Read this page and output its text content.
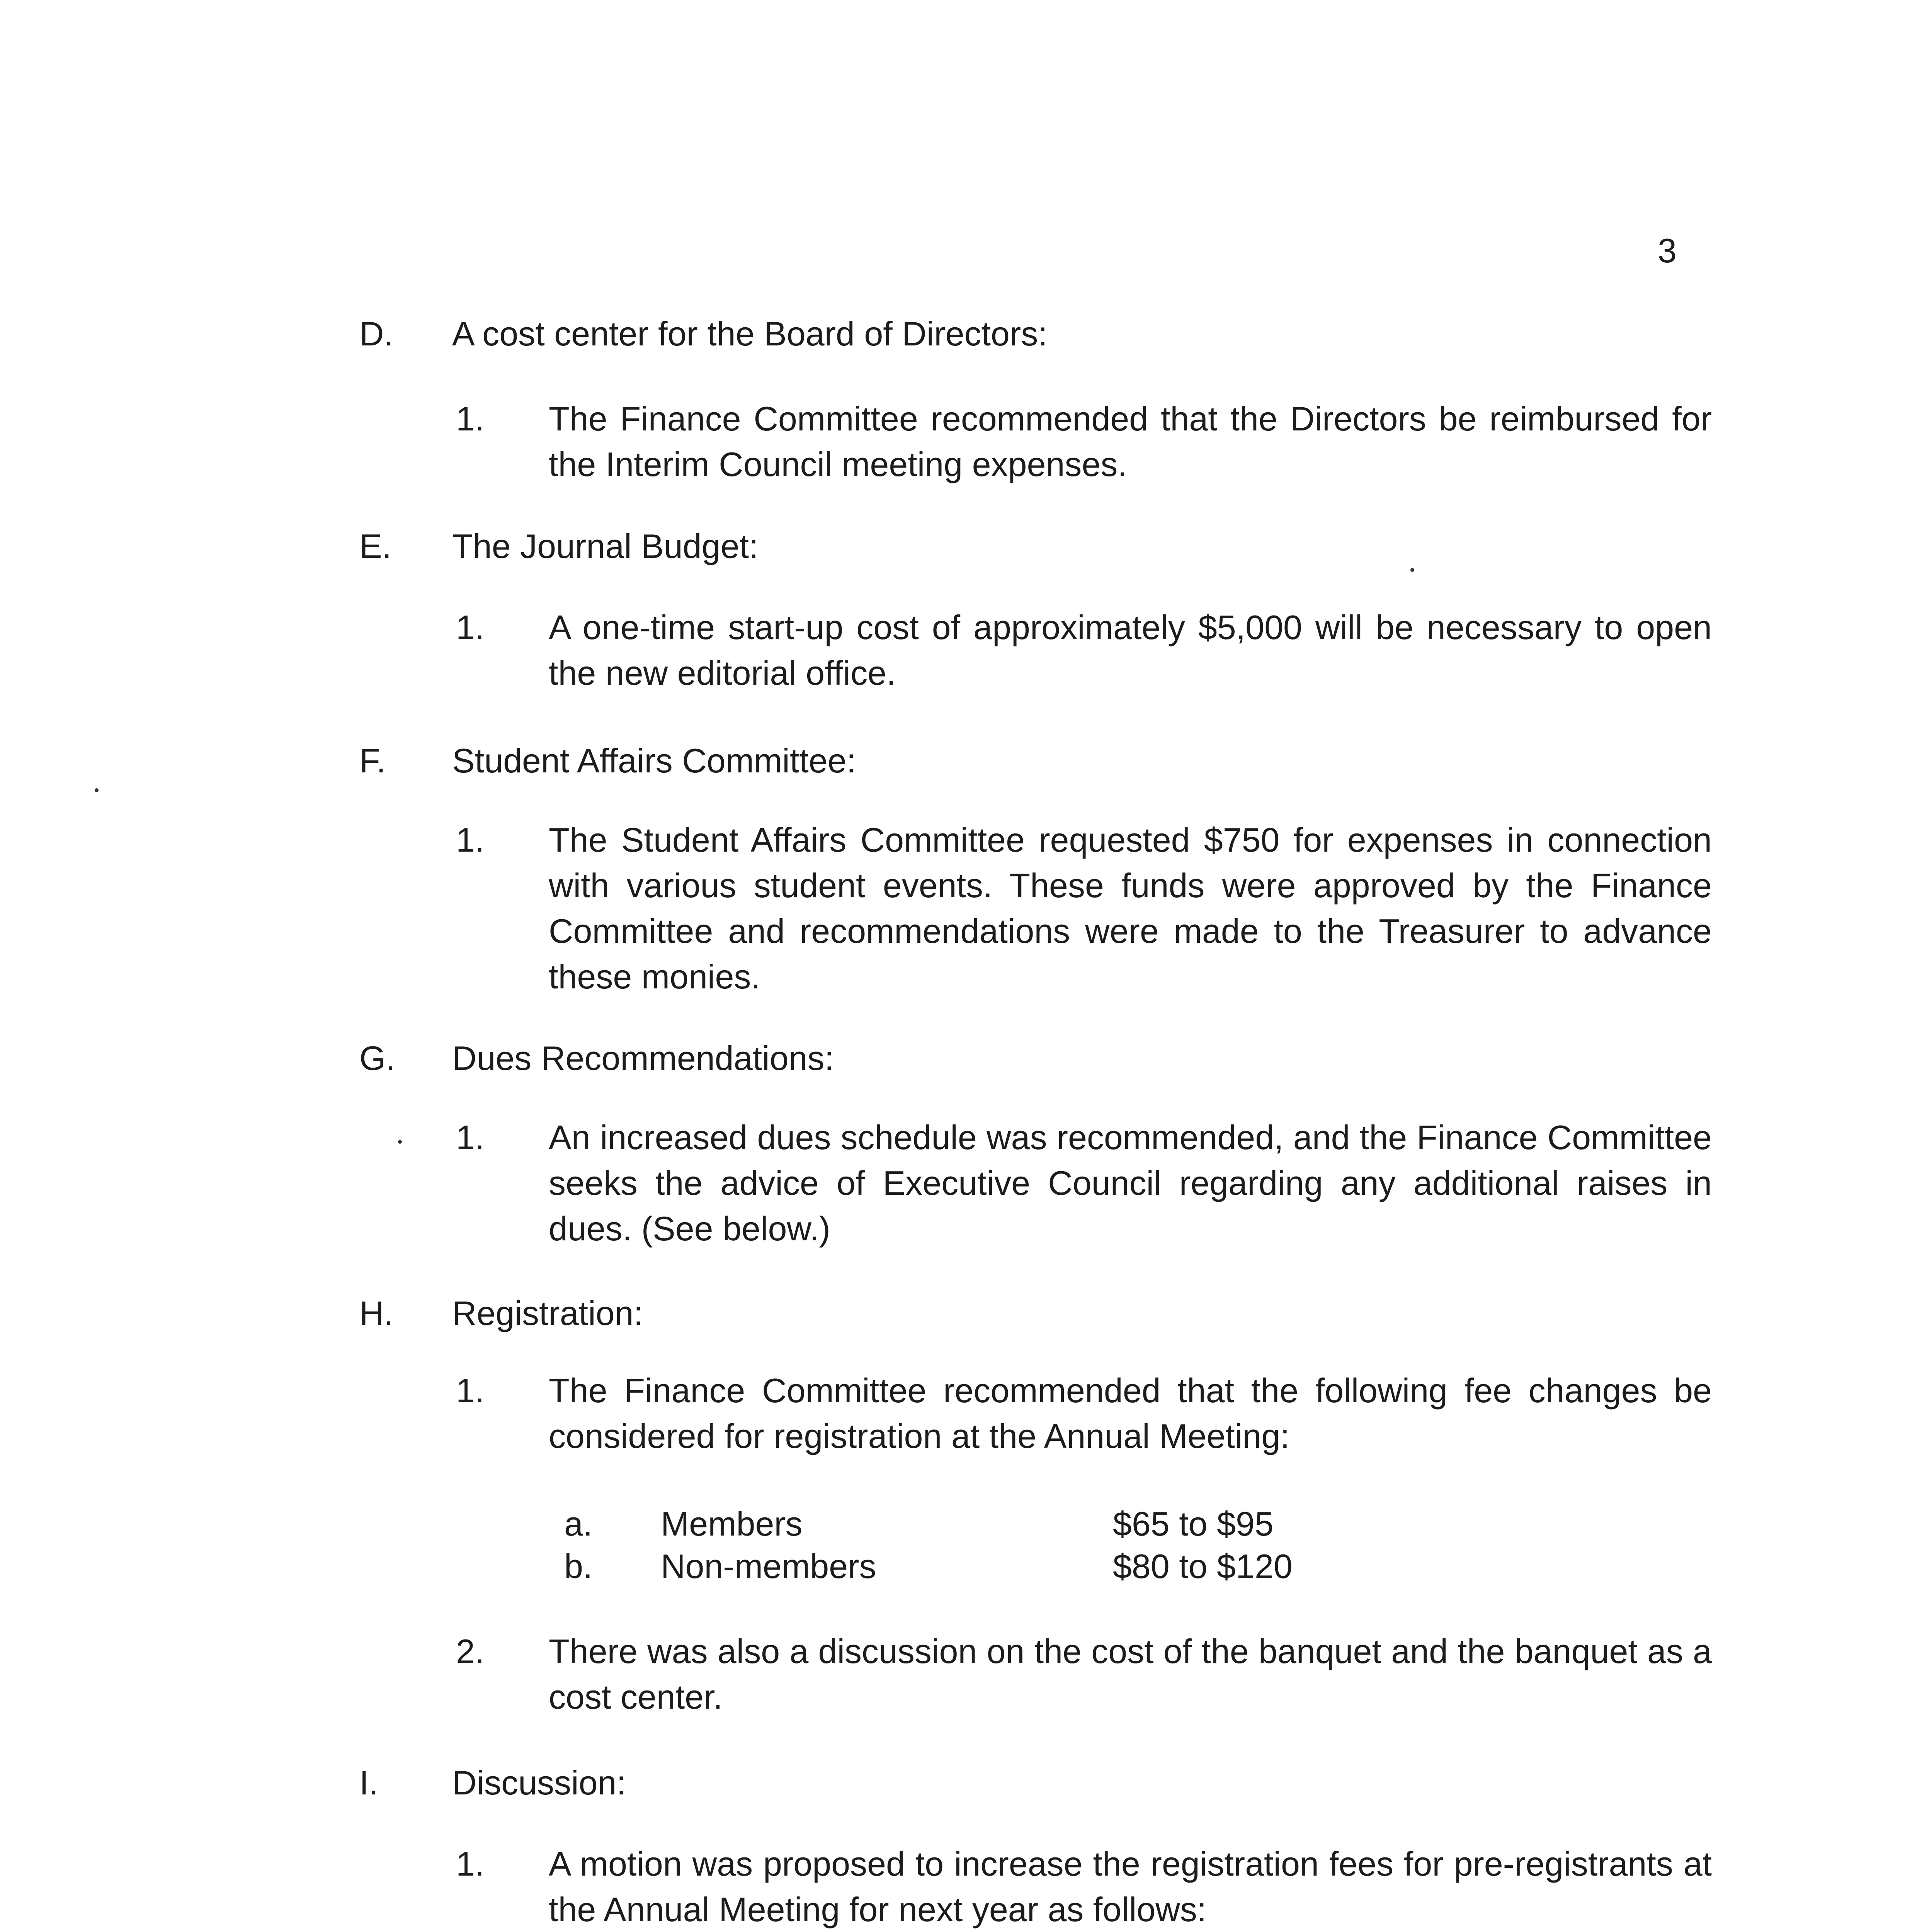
3
D. A cost center for the Board of Directors:
1. The Finance Committee recommended that the Directors be reimbursed for the Interim Council meeting expenses.
E. The Journal Budget:
1. A one-time start-up cost of approximately $5,000 will be necessary to open the new editorial office.
F. Student Affairs Committee:
1. The Student Affairs Committee requested $750 for expenses in connection with various student events. These funds were approved by the Finance Committee and recommendations were made to the Treasurer to advance these monies.
G. Dues Recommendations:
1. An increased dues schedule was recommended, and the Finance Committee seeks the advice of Executive Council regarding any additional raises in dues. (See below.)
H. Registration:
1. The Finance Committee recommended that the following fee changes be considered for registration at the Annual Meeting:
a. Members	$65 to $95
b. Non-members	$80 to $120
2. There was also a discussion on the cost of the banquet and the banquet as a cost center.
I. Discussion:
1. A motion was proposed to increase the registration fees for pre-registrants at the Annual Meeting for next year as follows:
